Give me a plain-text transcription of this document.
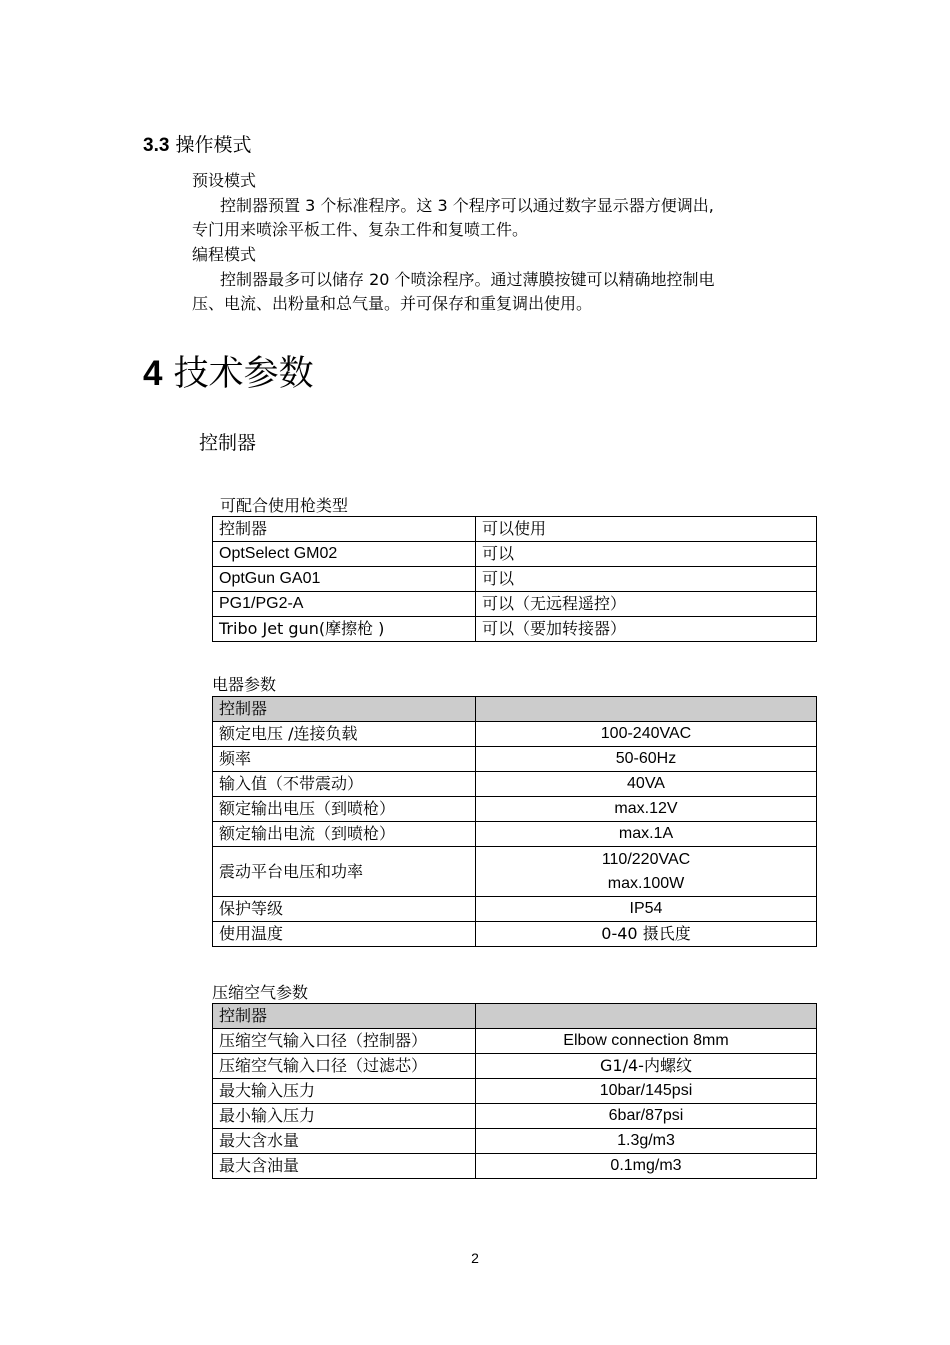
3.3 操作模式
预设模式
控制器预置 3 个标准程序。这 3 个程序可以通过数字显示器方便调出,
专门用来喷涂平板工件、复杂工件和复喷工件。
编程模式
控制器最多可以储存 20 个喷涂程序。通过薄膜按键可以精确地控制电
压、电流、出粉量和总气量。并可保存和重复调出使用。
4 技术参数
控制器
可配合使用枪类型
控制器	可以使用
OptSelect GM02	可以
OptGun GA01	可以
PG1/PG2-A	可以（无远程遥控）
Tribo Jet gun(摩擦枪 )	可以（要加转接器）
电器参数
控制器	
额定电压 /连接负载	100-240VAC
频率	50-60Hz
输入值（不带震动）	40VA
额定输出电压（到喷枪）	max.12V
额定输出电流（到喷枪）	max.1A
震动平台电压和功率	110/220VAC
max.100W

保护等级	IP54
使用温度	0-40 摄氏度
压缩空气参数
控制器	
压缩空气输入口径（控制器）	Elbow connection 8mm
压缩空气输入口径（过滤芯）	G1/4-内螺纹
最大输入压力	10bar/145psi
最小输入压力	6bar/87psi
最大含水量	1.3g/m3
最大含油量	0.1mg/m3
2
